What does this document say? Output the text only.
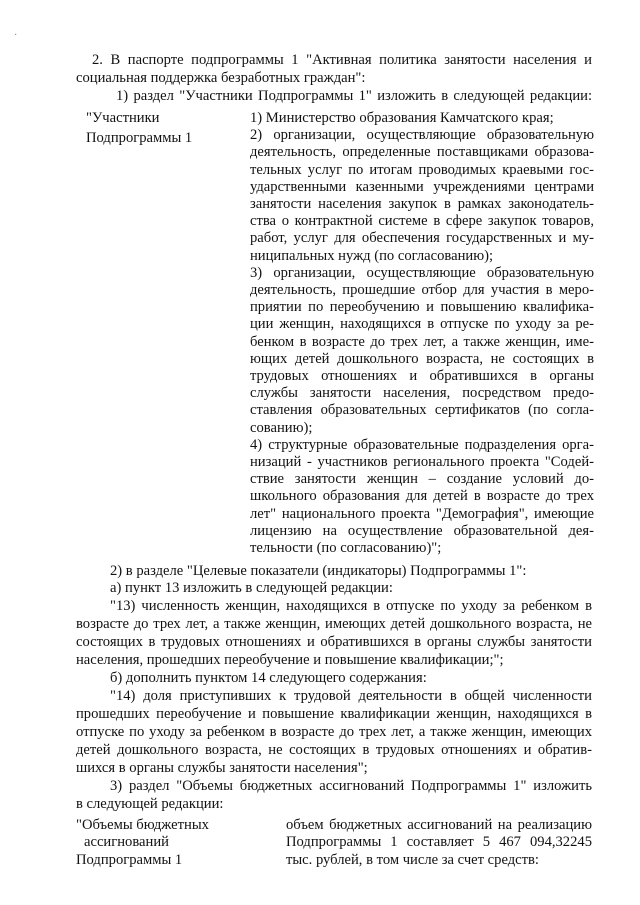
·
2. В паспорте подпрограммы 1 "Активная политика занятости населения и
социальная поддержка безработных граждан":
1) раздел "Участники Подпрограммы 1" изложить в следующей редакции:
"Участники
Подпрограммы 1
1) Министерство образования Камчатского края;
2) организации, осуществляющие образовательную
деятельность, определенные поставщиками образова-
тельных услуг по итогам проводимых краевыми гос-
ударственными казенными учреждениями центрами
занятости населения закупок в рамках законодатель-
ства о контрактной системе в сфере закупок товаров,
работ, услуг для обеспечения государственных и му-
ниципальных нужд (по согласованию);
3) организации, осуществляющие образовательную
деятельность, прошедшие отбор для участия в меро-
приятии по переобучению и повышению квалифика-
ции женщин, находящихся в отпуске по уходу за ре-
бенком в возрасте до трех лет, а также женщин, име-
ющих детей дошкольного возраста, не состоящих в
трудовых отношениях и обратившихся в органы
службы занятости населения, посредством предо-
ставления образовательных сертификатов (по согла-
сованию);
4) структурные образовательные подразделения орга-
низаций - участников регионального проекта "Содей-
ствие занятости женщин – создание условий до-
школьного образования для детей в возрасте до трех
лет" национального проекта "Демография", имеющие
лицензию на осуществление образовательной дея-
тельности (по согласованию)";
2) в разделе "Целевые показатели (индикаторы) Подпрограммы 1":
а) пункт 13 изложить в следующей редакции:
"13) численность женщин, находящихся в отпуске по уходу за ребенком в
возрасте до трех лет, а также женщин, имеющих детей дошкольного возраста, не
состоящих в трудовых отношениях и обратившихся в органы службы занятости
населения, прошедших переобучение и повышение квалификации;";
б) дополнить пунктом 14 следующего содержания:
"14) доля приступивших к трудовой деятельности в общей численности
прошедших переобучение и повышение квалификации женщин, находящихся в
отпуске по уходу за ребенком в возрасте до трех лет, а также женщин, имеющих
детей дошкольного возраста, не состоящих в трудовых отношениях и обратив-
шихся в органы службы занятости населения";
3) раздел "Объемы бюджетных ассигнований Подпрограммы 1" изложить
в следующей редакции:
"Объемы бюджетных
ассигнований
Подпрограммы 1
объем бюджетных ассигнований на реализацию
Подпрограммы 1 составляет 5 467 094,32245
тыс. рублей, в том числе за счет средств:
